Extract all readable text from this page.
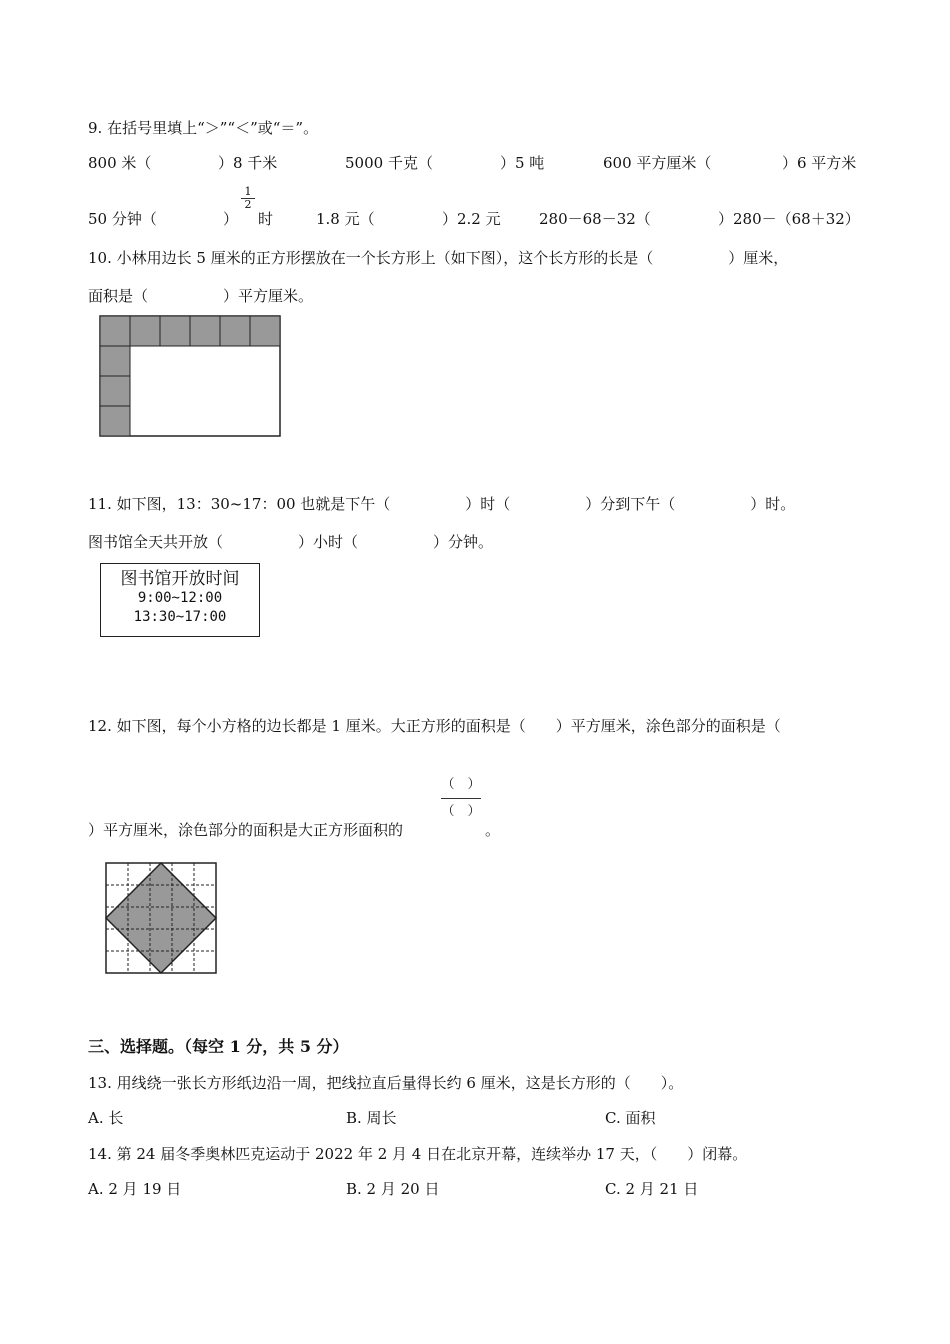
9. 在括号里填上“＞”“＜”或“＝”。
800 米（	）8 千米	5000 千克（	）5 吨	600 平方厘米（	）6 平方米
50 分钟（	）
$\frac{1}{2}$
时	1.8 元（	）2.2 元	280－68－32（	）280－（68＋32）
10. 小林用边长 5 厘米的正方形摆放在一个长方形上（如下图），这个长方形的长是（　　　　　）厘米，
面积是（　　　　　）平方厘米。
11. 如下图，13：30~17：00 也就是下午（　　　　　）时（　　　　　）分到下午（　　　　　）时。
图书馆全天共开放（　　　　　）小时（　　　　　）分钟。
图书馆开放时间
9:00~12:00
13:30~17:00
12. 如下图，每个小方格的边长都是 1 厘米。大正方形的面积是（　　）平方厘米，涂色部分的面积是（
（　）
（　）
）平方厘米，涂色部分的面积是大正方形面积的	。
三、选择题。（每空 1 分，共 5 分）
13. 用线绕一张长方形纸边沿一周，把线拉直后量得长约 6 厘米，这是长方形的（　　）。
A. 长	B. 周长	C. 面积
14. 第 24 届冬季奥林匹克运动于 2022 年 2 月 4 日在北京开幕，连续举办 17 天，（　　）闭幕。
A. 2 月 19 日	B. 2 月 20 日	C. 2 月 21 日
